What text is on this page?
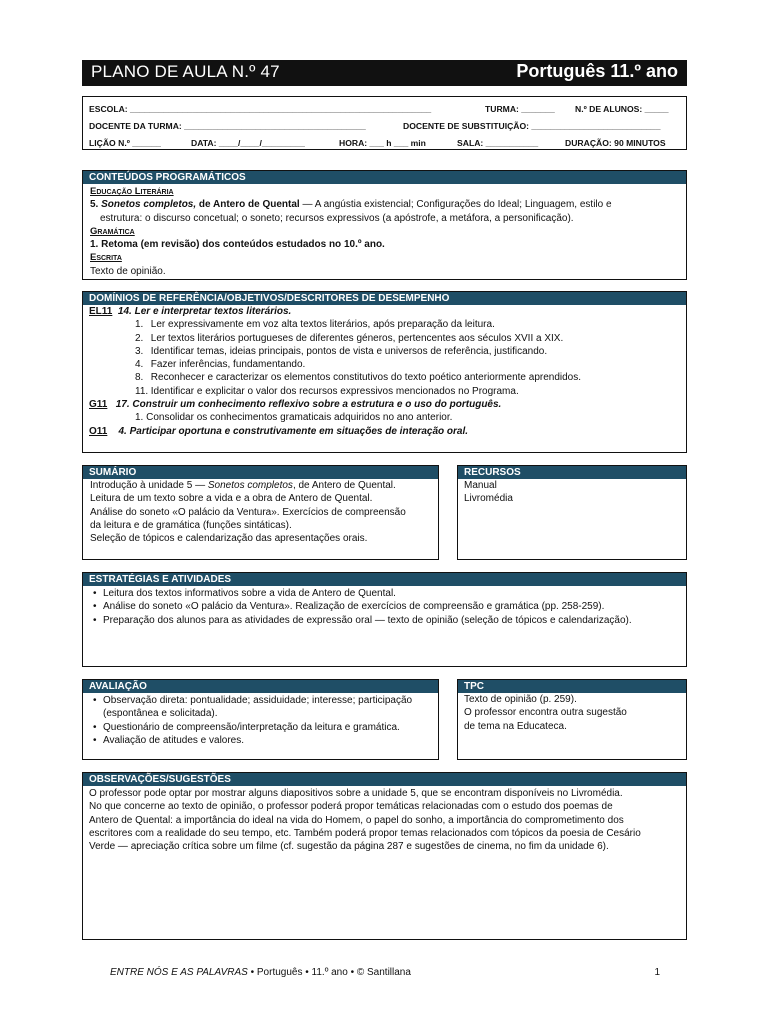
PLANO DE AULA N.º 47	Português 11.º ano
ESCOLA: _______________________________________________________________	TURMA: _______ N.º DE ALUNOS: _____
DOCENTE DA TURMA: ______________________________________	DOCENTE DE SUBSTITUIÇÃO: ___________________________
LIÇÃO N.º ______	DATA: ____/____/_________	HORA: ___ h ___ min	SALA: ___________	DURAÇÃO: 90 MINUTOS
CONTEÚDOS PROGRAMÁTICOS

Educação Literária

5. Sonetos completos, de Antero de Quental — A angústia existencial; Configurações do Ideal; Linguagem, estilo e

estrutura: o discurso concetual; o soneto; recursos expressivos (a apóstrofe, a metáfora, a personificação).

Gramática

1. Retoma (em revisão) dos conteúdos estudados no 10.º ano.

Escrita

Texto de opinião.

DOMÍNIOS DE REFERÊNCIA/OBJETIVOS/DESCRITORES DE DESEMPENHO

EL11 14. Ler e interpretar textos literários.

1. Ler expressivamente em voz alta textos literários, após preparação da leitura.

2. Ler textos literários portugueses de diferentes géneros, pertencentes aos séculos XVII a XIX.

3. Identificar temas, ideias principais, pontos de vista e universos de referência, justificando.

4. Fazer inferências, fundamentando.

8. Reconhecer e caracterizar os elementos constitutivos do texto poético anteriormente aprendidos.

11. Identificar e explicitar o valor dos recursos expressivos mencionados no Programa.

G11 17. Construir um conhecimento reflexivo sobre a estrutura e o uso do português.

1. Consolidar os conhecimentos gramaticais adquiridos no ano anterior.

O11 4. Participar oportuna e construtivamente em situações de interação oral.

SUMÁRIO

Introdução à unidade 5 — Sonetos completos, de Antero de Quental.

Leitura de um texto sobre a vida e a obra de Antero de Quental.

Análise do soneto «O palácio da Ventura». Exercícios de compreensão

da leitura e de gramática (funções sintáticas).

Seleção de tópicos e calendarização das apresentações orais.

RECURSOS

Manual

Livromédia

ESTRATÉGIAS E ATIVIDADES
• Leitura dos textos informativos sobre a vida de Antero de Quental.
• Análise do soneto «O palácio da Ventura». Realização de exercícios de compreensão e gramática (pp. 258-259).
• Preparação dos alunos para as atividades de expressão oral — texto de opinião (seleção de tópicos e calendarização).
AVALIAÇÃO
• Observação direta: pontualidade; assiduidade; interesse; participação (espontânea e solicitada).
• Questionário de compreensão/interpretação da leitura e gramática.
• Avaliação de atitudes e valores.
TPC

Texto de opinião (p. 259).

O professor encontra outra sugestão

de tema na Educateca.

OBSERVAÇÕES/SUGESTÕES

O professor pode optar por mostrar alguns diapositivos sobre a unidade 5, que se encontram disponíveis no Livromédia.

No que concerne ao texto de opinião, o professor poderá propor temáticas relacionadas com o estudo dos poemas de

Antero de Quental: a importância do ideal na vida do Homem, o papel do sonho, a importância do comprometimento dos

escritores com a realidade do seu tempo, etc. Também poderá propor temas relacionados com tópicos da poesia de Cesário

Verde — apreciação crítica sobre um filme (cf. sugestão da página 287 e sugestões de cinema, no fim da unidade 6).

ENTRE NÓS E AS PALAVRAS • Português • 11.º ano • © Santillana	1
